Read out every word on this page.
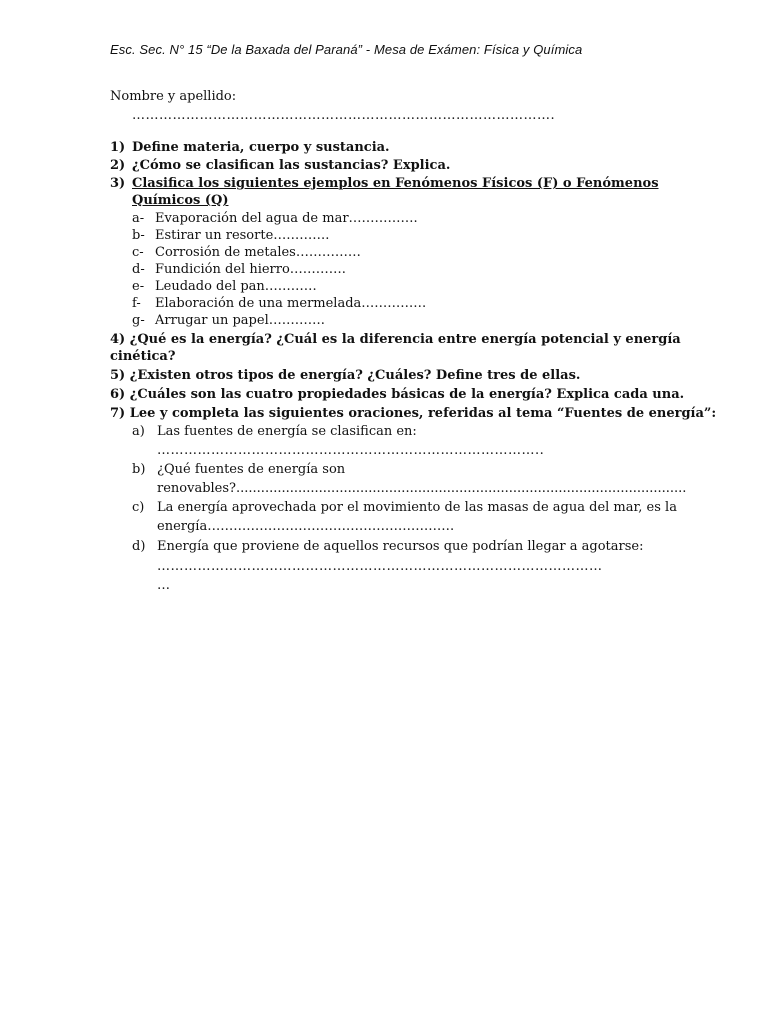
Esc. Sec. N° 15 “De la Baxada del Paraná” - Mesa de Exámen: Física y Química
Nombre y apellido:
………………………………………………………………………………….
1) Define materia, cuerpo y sustancia.
2) ¿Cómo se clasifican las sustancias? Explica.
3) Clasifica los siguientes ejemplos en Fenómenos Físicos (F) o Fenómenos
Químicos (Q)
a- Evaporación del agua de mar…………….
b- Estirar un resorte………….
c- Corrosión de metales……………
d- Fundición del hierro………….
e- Leudado del pan…………
f- Elaboración de una mermelada……………
g- Arrugar un papel………….
4) ¿Qué es la energía? ¿Cuál es la diferencia entre energía potencial y energía
cinética?
5) ¿Existen otros tipos de energía? ¿Cuáles? Define tres de ellas.
6) ¿Cuáles son las cuatro propiedades básicas de la energía? Explica cada una.
7) Lee y completa las siguientes oraciones, referidas al tema “Fuentes de energía”:
a) Las fuentes de energía se clasifican en:
…………………………………………………………………………..
b) ¿Qué fuentes de energía son
renovables?.............................................................................................................
c) La energía aprovechada por el movimiento de las masas de agua del mar, es la
energía…………………………………………………
d) Energía que proviene de aquellos recursos que podrían llegar a agotarse:
………………………………………………………………………………………
…
